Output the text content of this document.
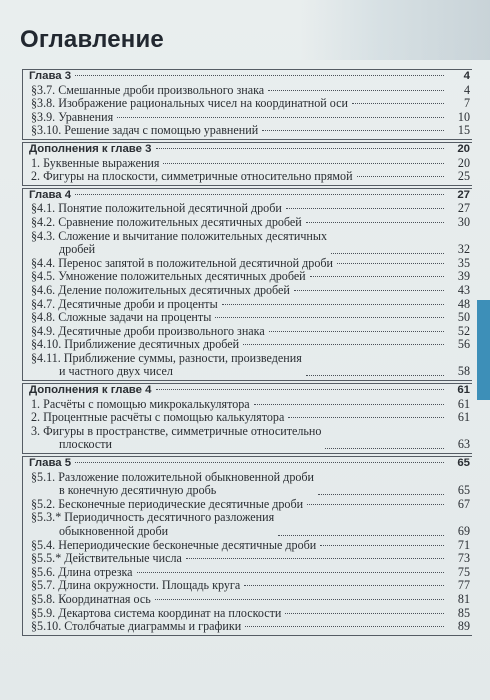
Оглавление
Глава 3	4
§3.7. Смешанные дроби произвольного знака	4
§3.8. Изображение рациональных чисел на координатной оси	7
§3.9. Уравнения	10
§3.10. Решение задач с помощью уравнений	15
Дополнения к главе 3	20
1. Буквенные выражения	20
2. Фигуры на плоскости, симметричные относительно прямой	25
Глава 4	27
§4.1. Понятие положительной десятичной дроби	27
§4.2. Сравнение положительных десятичных дробей	30
§4.3. Сложение и вычитание положительных десятичных
дробей	32
§4.4. Перенос запятой в положительной десятичной дроби	35
§4.5. Умножение положительных десятичных дробей	39
§4.6. Деление положительных десятичных дробей	43
§4.7. Десятичные дроби и проценты	48
§4.8. Сложные задачи на проценты	50
§4.9. Десятичные дроби произвольного знака	52
§4.10. Приближение десятичных дробей	56
§4.11. Приближение суммы, разности, произведения
и частного двух чисел	58
Дополнения к главе 4	61
1. Расчёты с помощью микрокалькулятора	61
2. Процентные расчёты с помощью калькулятора	61
3. Фигуры в пространстве, симметричные относительно
плоскости	63
Глава 5	65
§5.1. Разложение положительной обыкновенной дроби
в конечную десятичную дробь	65
§5.2. Бесконечные периодические десятичные дроби	67
§5.3.* Периодичность десятичного разложения
обыкновенной дроби	69
§5.4. Непериодические бесконечные десятичные дроби	71
§5.5.* Действительные числа	73
§5.6. Длина отрезка	75
§5.7. Длина окружности. Площадь круга	77
§5.8. Координатная ось	81
§5.9. Декартова система координат на плоскости	85
§5.10. Столбчатые диаграммы и графики	89
